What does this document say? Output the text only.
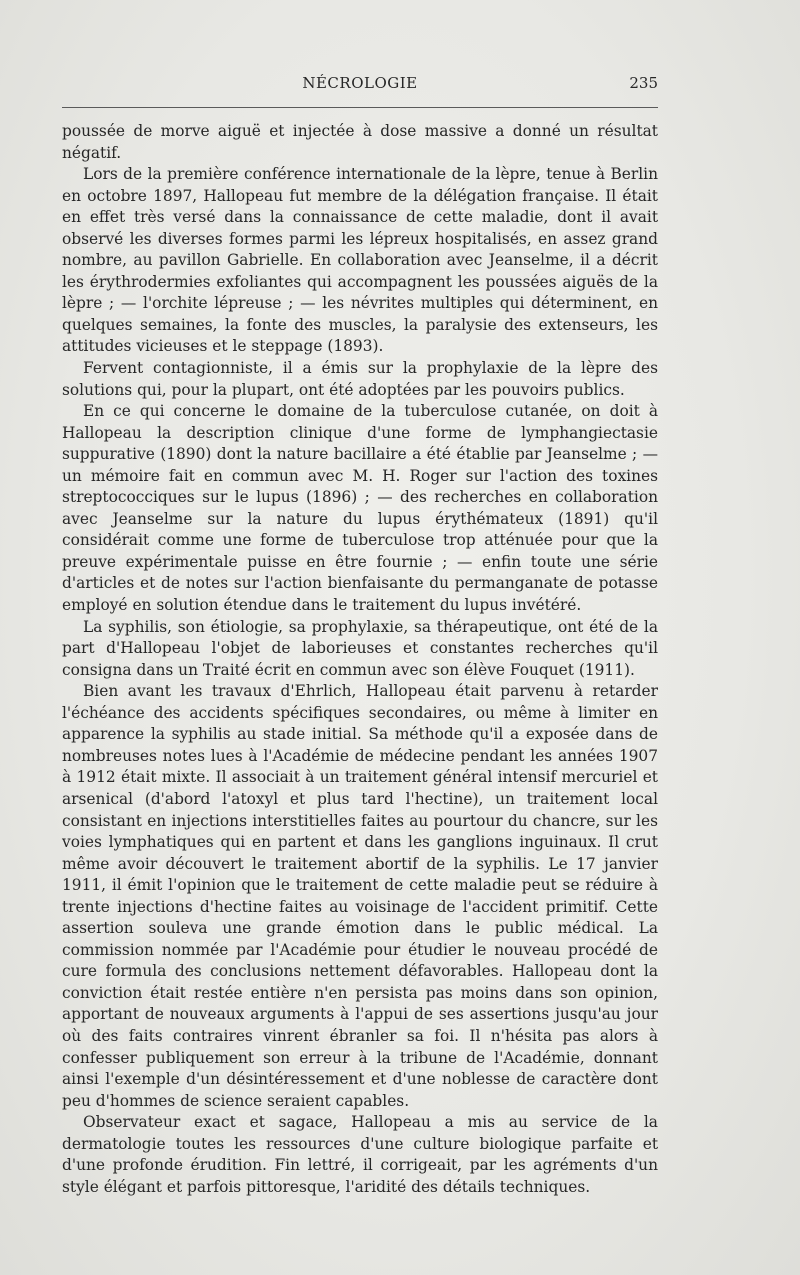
NÉCROLOGIE	235

poussée de morve aiguë et injectée à dose massive a donné un résultat négatif.

Lors de la première conférence internationale de la lèpre, tenue à Berlin en octobre 1897, Hallopeau fut membre de la délégation française. Il était en effet très versé dans la connaissance de cette maladie, dont il avait observé les diverses formes parmi les lépreux hospitalisés, en assez grand nombre, au pavillon Gabrielle. En collaboration avec Jeanselme, il a décrit les érythrodermies exfoliantes qui accompagnent les poussées aiguës de la lèpre ; — l'orchite lépreuse ; — les névrites multiples qui déterminent, en quelques semaines, la fonte des muscles, la paralysie des extenseurs, les attitudes vicieuses et le steppage (1893).

Fervent contagionniste, il a émis sur la prophylaxie de la lèpre des solutions qui, pour la plupart, ont été adoptées par les pouvoirs publics.

En ce qui concerne le domaine de la tuberculose cutanée, on doit à Hallopeau la description clinique d'une forme de lymphangiectasie suppurative (1890) dont la nature bacillaire a été établie par Jeanselme ; — un mémoire fait en commun avec M. H. Roger sur l'action des toxines streptococciques sur le lupus (1896) ; — des recherches en collaboration avec Jeanselme sur la nature du lupus érythémateux (1891) qu'il considérait comme une forme de tuberculose trop atténuée pour que la preuve expérimentale puisse en être fournie ; — enfin toute une série d'articles et de notes sur l'action bienfaisante du permanganate de potasse employé en solution étendue dans le traitement du lupus invétéré.

La syphilis, son étiologie, sa prophylaxie, sa thérapeutique, ont été de la part d'Hallopeau l'objet de laborieuses et constantes recherches qu'il consigna dans un Traité écrit en commun avec son élève Fouquet (1911).

Bien avant les travaux d'Ehrlich, Hallopeau était parvenu à retarder l'échéance des accidents spécifiques secondaires, ou même à limiter en apparence la syphilis au stade initial. Sa méthode qu'il a exposée dans de nombreuses notes lues à l'Académie de médecine pendant les années 1907 à 1912 était mixte. Il associait à un traitement général intensif mercuriel et arsenical (d'abord l'atoxyl et plus tard l'hectine), un traitement local consistant en injections interstitielles faites au pourtour du chancre, sur les voies lymphatiques qui en partent et dans les ganglions inguinaux. Il crut même avoir découvert le traitement abortif de la syphilis. Le 17 janvier 1911, il émit l'opinion que le traitement de cette maladie peut se réduire à trente injections d'hectine faites au voisinage de l'accident primitif. Cette assertion souleva une grande émotion dans le public médical. La commission nommée par l'Académie pour étudier le nouveau procédé de cure formula des conclusions nettement défavorables. Hallopeau dont la conviction était restée entière n'en persista pas moins dans son opinion, apportant de nouveaux arguments à l'appui de ses assertions jusqu'au jour où des faits contraires vinrent ébranler sa foi. Il n'hésita pas alors à confesser publiquement son erreur à la tribune de l'Académie, donnant ainsi l'exemple d'un désintéressement et d'une noblesse de caractère dont peu d'hommes de science seraient capables.

Observateur exact et sagace, Hallopeau a mis au service de la dermatologie toutes les ressources d'une culture biologique parfaite et d'une profonde érudition. Fin lettré, il corrigeait, par les agréments d'un style élégant et parfois pittoresque, l'aridité des détails techniques.
